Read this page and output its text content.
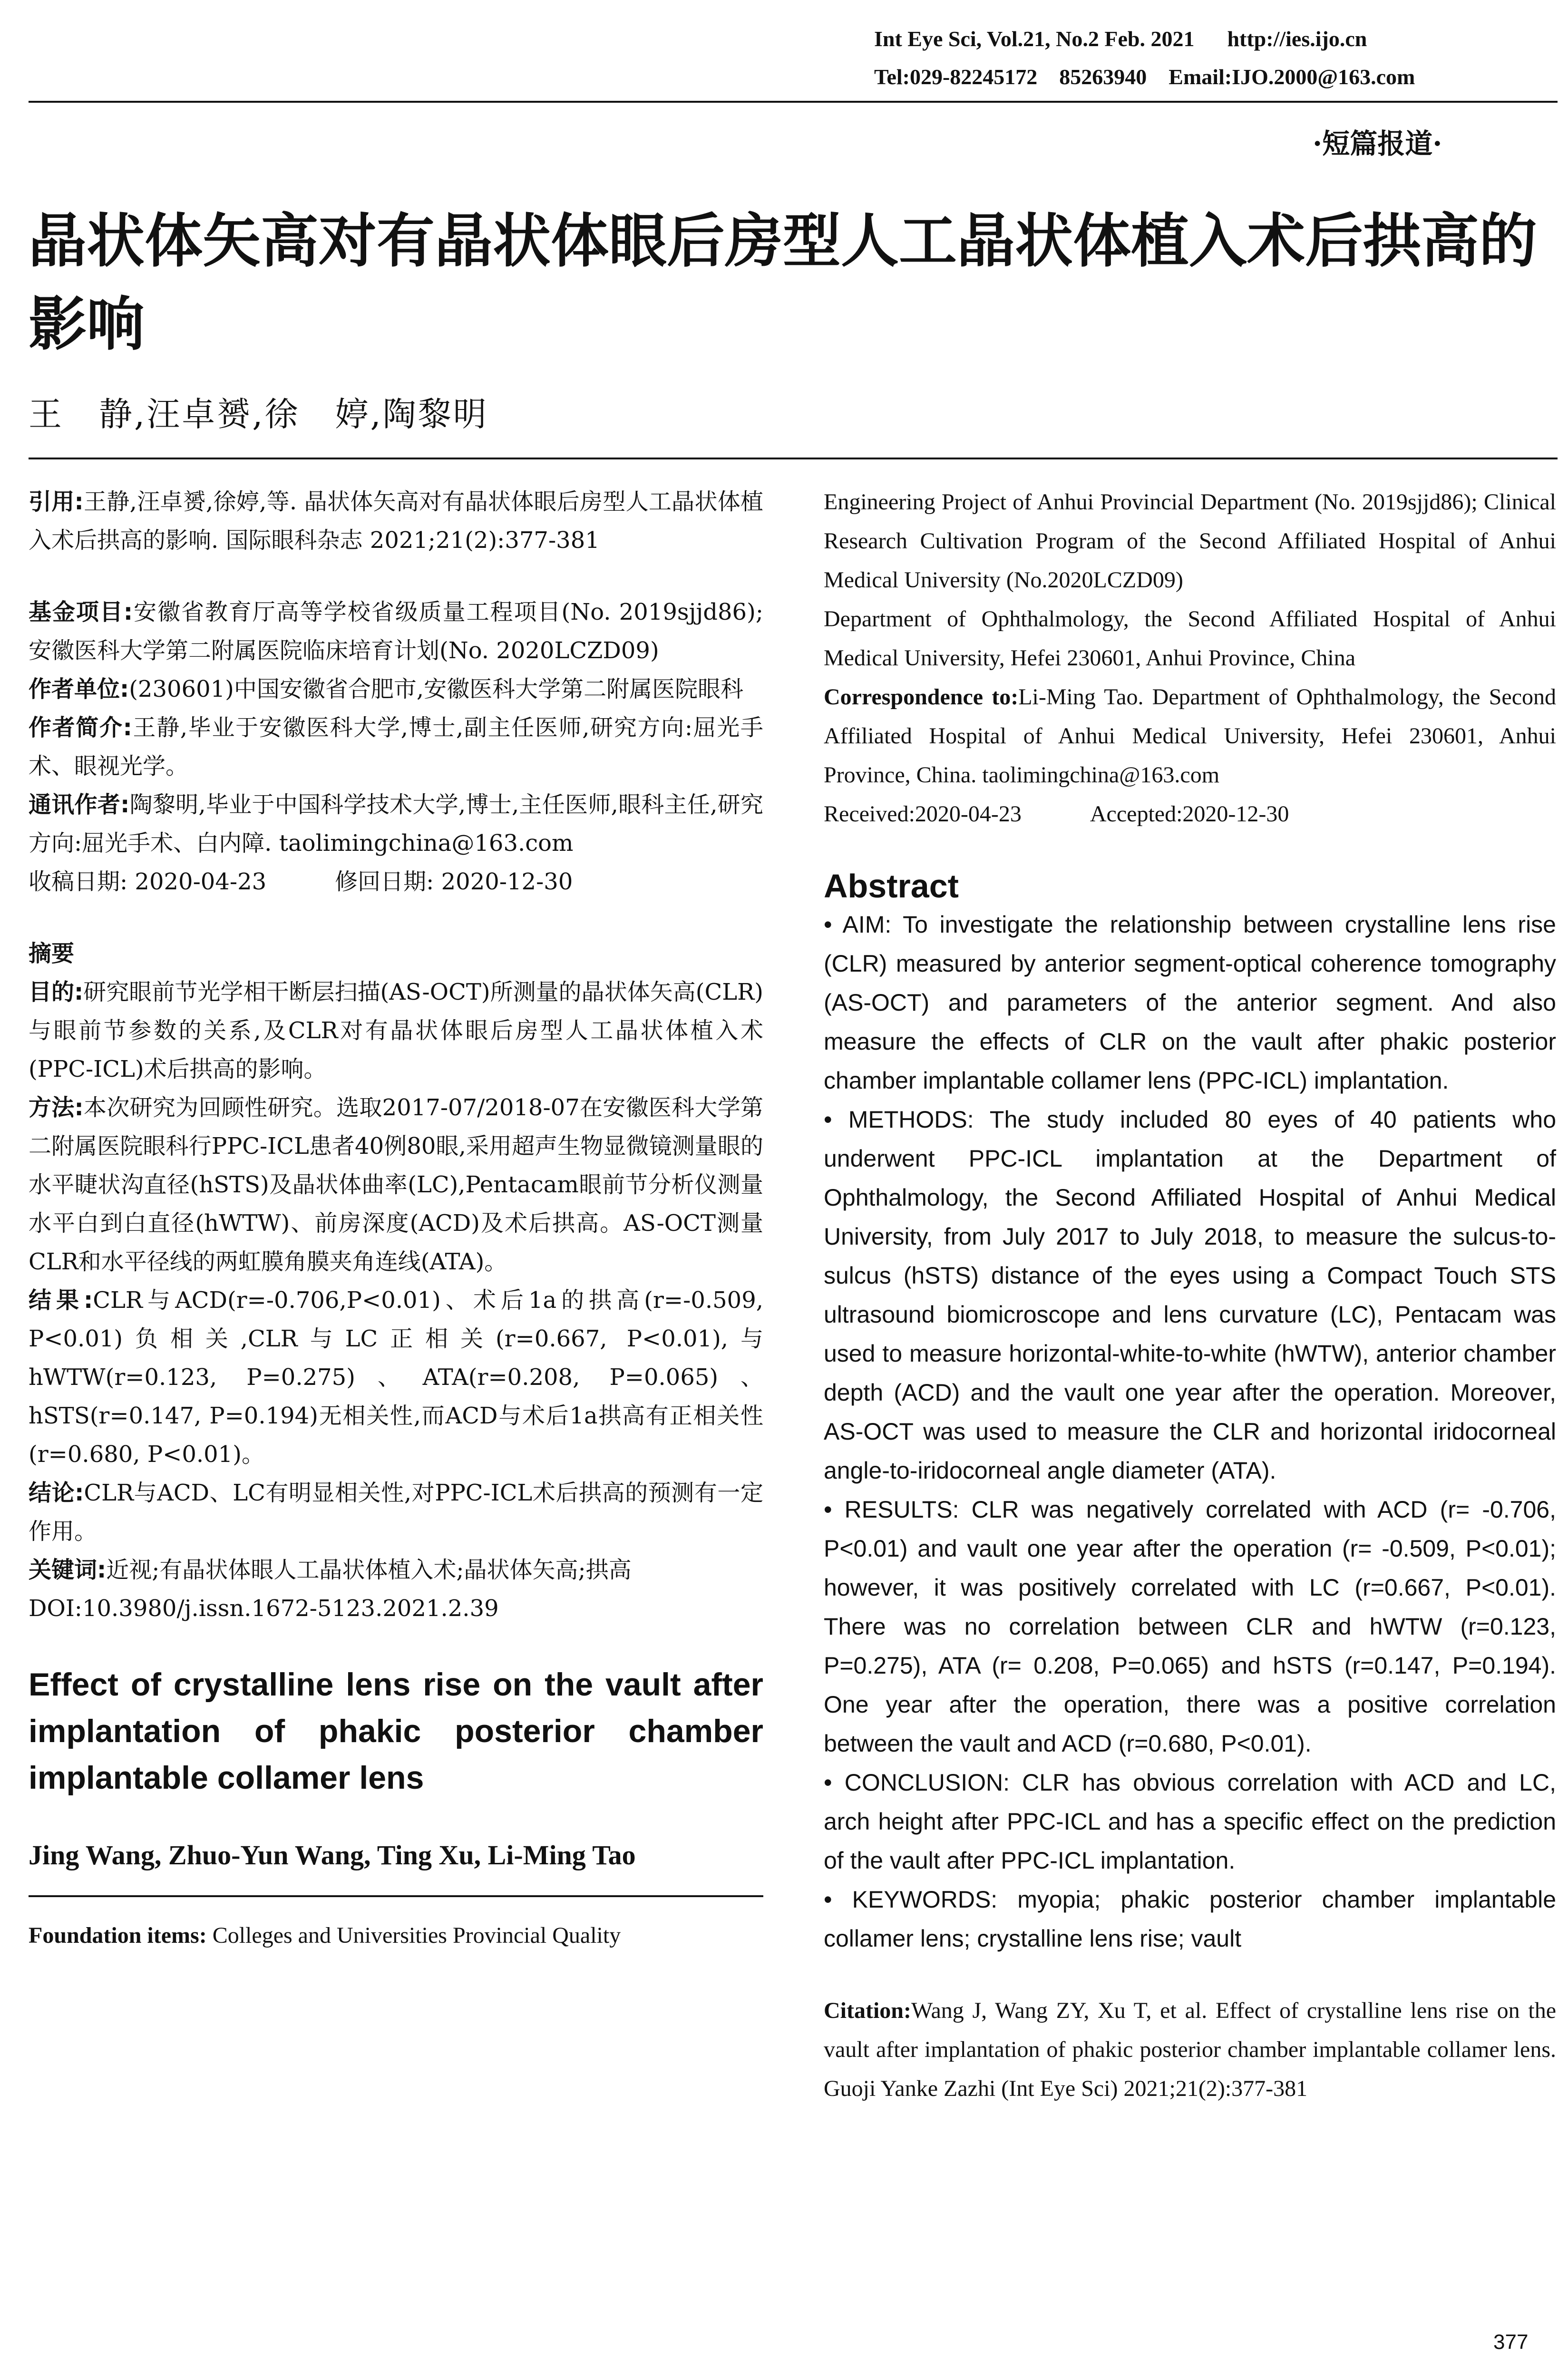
Int Eye Sci, Vol.21, No.2 Feb. 2021      http://ies.ijo.cn
Tel:029-82245172    85263940    Email:IJO.2000@163.com
·短篇报道·
晶状体矢高对有晶状体眼后房型人工晶状体植入术后拱高的影响
王　静,汪卓赟,徐　婷,陶黎明

引用:王静,汪卓赟,徐婷,等. 晶状体矢高对有晶状体眼后房型人工晶状体植入术后拱高的影响. 国际眼科杂志 2021;21(2):377-381

基金项目:安徽省教育厅高等学校省级质量工程项目(No. 2019sjjd86);安徽医科大学第二附属医院临床培育计划(No. 2020LCZD09)

作者单位:(230601)中国安徽省合肥市,安徽医科大学第二附属医院眼科

作者简介:王静,毕业于安徽医科大学,博士,副主任医师,研究方向:屈光手术、眼视光学。

通讯作者:陶黎明,毕业于中国科学技术大学,博士,主任医师,眼科主任,研究方向:屈光手术、白内障. taolimingchina@163.com

收稿日期: 2020-04-23　　　修回日期: 2020-12-30

摘要

目的:研究眼前节光学相干断层扫描(AS-OCT)所测量的晶状体矢高(CLR)与眼前节参数的关系,及CLR对有晶状体眼后房型人工晶状体植入术(PPC-ICL)术后拱高的影响。

方法:本次研究为回顾性研究。选取2017-07/2018-07在安徽医科大学第二附属医院眼科行PPC-ICL患者40例80眼,采用超声生物显微镜测量眼的水平睫状沟直径(hSTS)及晶状体曲率(LC),Pentacam眼前节分析仪测量水平白到白直径(hWTW)、前房深度(ACD)及术后拱高。AS-OCT测量CLR和水平径线的两虹膜角膜夹角连线(ATA)。

结果:CLR与ACD(r=-0.706,P<0.01)、术后1a的拱高(r=-0.509, P<0.01)负相关,CLR与LC正相关(r=0.667, P<0.01),与hWTW(r=0.123, P=0.275)、ATA(r=0.208, P=0.065)、hSTS(r=0.147, P=0.194)无相关性,而ACD与术后1a拱高有正相关性(r=0.680, P<0.01)。

结论:CLR与ACD、LC有明显相关性,对PPC-ICL术后拱高的预测有一定作用。

关键词:近视;有晶状体眼人工晶状体植入术;晶状体矢高;拱高

DOI:10.3980/j.issn.1672-5123.2021.2.39

Effect of crystalline lens rise on the vault after implantation of phakic posterior chamber implantable collamer lens

Jing Wang, Zhuo-Yun Wang, Ting Xu, Li-Ming Tao

Foundation items: Colleges and Universities Provincial Quality

Engineering Project of Anhui Provincial Department (No. 2019sjjd86); Clinical Research Cultivation Program of the Second Affiliated Hospital of Anhui Medical University (No.2020LCZD09)

Department of Ophthalmology, the Second Affiliated Hospital of Anhui Medical University, Hefei 230601, Anhui Province, China

Correspondence to:Li-Ming Tao. Department of Ophthalmology, the Second Affiliated Hospital of Anhui Medical University, Hefei 230601, Anhui Province, China. taolimingchina@163.com

Received:2020-04-23　　　Accepted:2020-12-30

Abstract

• AIM: To investigate the relationship between crystalline lens rise (CLR) measured by anterior segment-optical coherence tomography (AS-OCT) and parameters of the anterior segment. And also measure the effects of CLR on the vault after phakic posterior chamber implantable collamer lens (PPC-ICL) implantation.

• METHODS: The study included 80 eyes of 40 patients who underwent PPC-ICL implantation at the Department of Ophthalmology, the Second Affiliated Hospital of Anhui Medical University, from July 2017 to July 2018, to measure the sulcus-to-sulcus (hSTS) distance of the eyes using a Compact Touch STS ultrasound biomicroscope and lens curvature (LC), Pentacam was used to measure horizontal-white-to-white (hWTW), anterior chamber depth (ACD) and the vault one year after the operation. Moreover, AS-OCT was used to measure the CLR and horizontal iridocorneal angle-to-iridocorneal angle diameter (ATA).

• RESULTS: CLR was negatively correlated with ACD (r= -0.706, P<0.01) and vault one year after the operation (r= -0.509, P<0.01); however, it was positively correlated with LC (r=0.667, P<0.01). There was no correlation between CLR and hWTW (r=0.123, P=0.275), ATA (r= 0.208, P=0.065) and hSTS (r=0.147, P=0.194). One year after the operation, there was a positive correlation between the vault and ACD (r=0.680, P<0.01).

• CONCLUSION: CLR has obvious correlation with ACD and LC, arch height after PPC-ICL and has a specific effect on the prediction of the vault after PPC-ICL implantation.

• KEYWORDS: myopia; phakic posterior chamber implantable collamer lens; crystalline lens rise; vault

Citation:Wang J, Wang ZY, Xu T, et al. Effect of crystalline lens rise on the vault after implantation of phakic posterior chamber implantable collamer lens. Guoji Yanke Zazhi (Int Eye Sci) 2021;21(2):377-381

377
